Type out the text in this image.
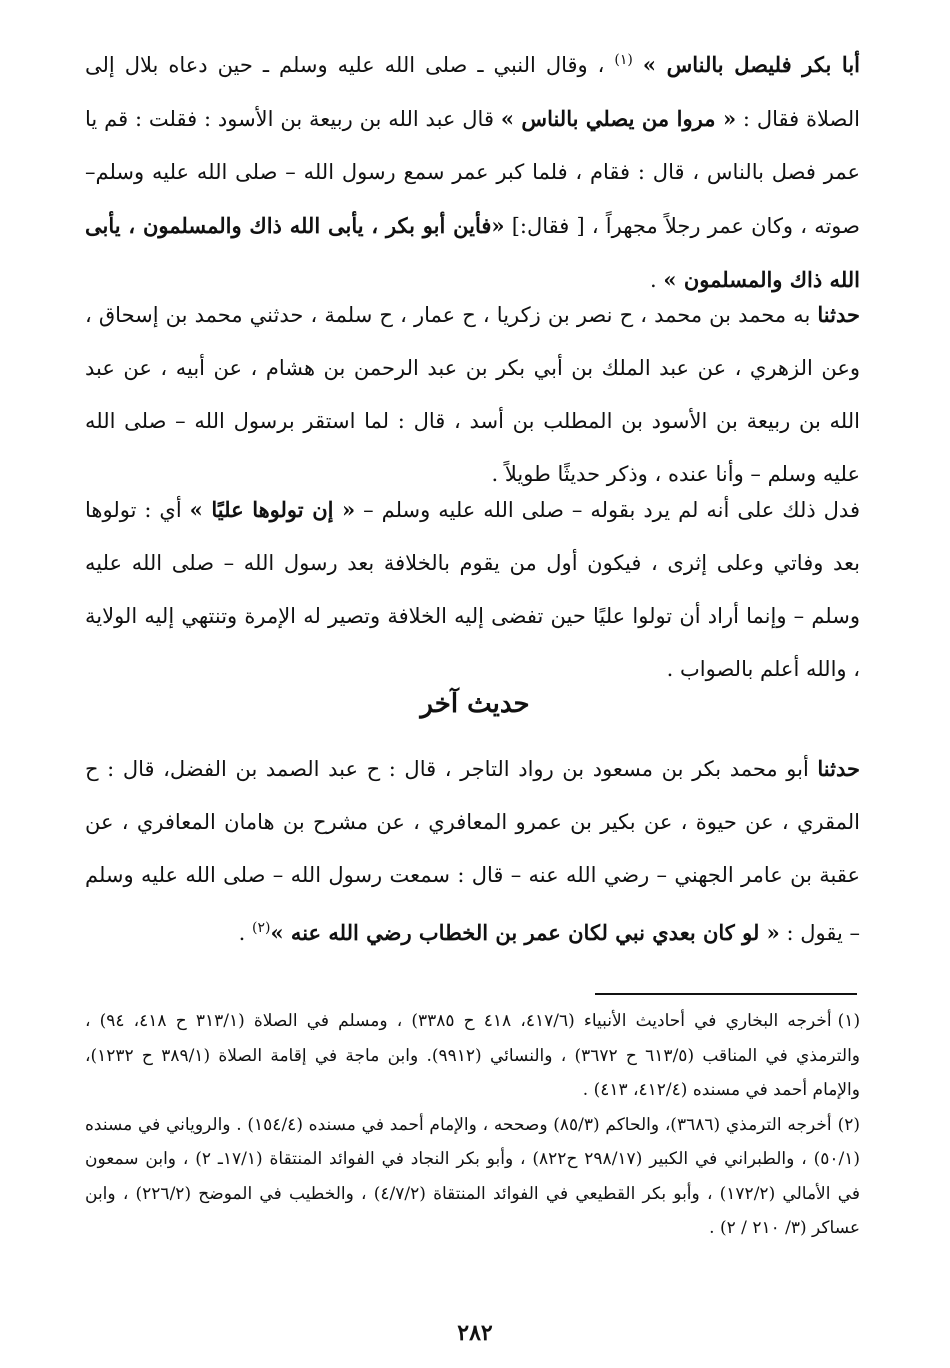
أبا بكر فليصل بالناس » $^{(١)}$ ، وقال النبي ـ صلى الله عليه وسلم ـ حين دعاه بلال إلى الصلاة فقال : « مروا من يصلي بالناس » قال عبد الله بن ربيعة بن الأسود : فقلت : قم يا عمر فصل بالناس ، قال : فقام ، فلما كبر عمر سمع رسول الله – صلى الله عليه وسلم– صوته ، وكان عمر رجلاً مجهراً ، [ فقال:] «فأين أبو بكر ، يأبى الله ذاك والمسلمون ، يأبى الله ذاك والمسلمون » .

حدثنا به محمد بن محمد ، ح نصر بن زكريا ، ح عمار ، ح سلمة ، حدثني محمد بن إسحاق ، وعن الزهري ، عن عبد الملك بن أبي بكر بن عبد الرحمن بن هشام ، عن أبيه ، عن عبد الله بن ربيعة بن الأسود بن المطلب بن أسد ، قال : لما استقر برسول الله – صلى الله عليه وسلم – وأنا عنده ، وذكر حديثًا طويلاً .

فدل ذلك على أنه لم يرد بقوله – صلى الله عليه وسلم – « إن تولوها عليًا » أي : تولوها بعد وفاتي وعلى إثرى ، فيكون أول من يقوم بالخلافة بعد رسول الله – صلى الله عليه وسلم – وإنما أراد أن تولوا عليًا حين تفضى إليه الخلافة وتصير له الإمرة وتنتهي إليه الولاية ، والله أعلم بالصواب .

حديث آخر

حدثنا أبو محمد بكر بن مسعود بن رواد التاجر ، قال : ح عبد الصمد بن الفضل، قال : ح المقري ، عن حيوة ، عن بكير بن عمرو المعافري ، عن مشرح بن هامان المعافري ، عن عقبة بن عامر الجهني – رضي الله عنه – قال : سمعت رسول الله – صلى الله عليه وسلم – يقول : « لو كان بعدي نبي لكان عمر بن الخطاب رضي الله عنه »$^{(٢)}$ .

(١)أخرجه البخاري في أحاديث الأنبياء (٤١٧/٦، ٤١٨ ح ٣٣٨٥) ، ومسلم في الصلاة (٣١٣/١ ح ٤١٨، ٩٤) ، والترمذي في المناقب (٦١٣/٥ ح ٣٦٧٢) ، والنسائي (٩٩١٢). وابن ماجة في إقامة الصلاة (٣٨٩/١ ح ١٢٣٢)، والإمام أحمد في مسنده (٤١٢/٤، ٤١٣) .
(٢)أخرجه الترمذي (٣٦٨٦)، والحاكم (٨٥/٣) وصححه ، والإمام أحمد في مسنده (١٥٤/٤) . والروياني في مسنده (٥٠/١) ، والطبراني في الكبير (٢٩٨/١٧ ح٨٢٢) ، وأبو بكر النجاد في الفوائد المنتقاة (١٧/١ـ ٢) ، وابن سمعون في الأمالي (١٧٢/٢) ، وأبو بكر القطيعي في الفوائد المنتقاة (٤/٧/٢) ، والخطيب في الموضح (٢٢٦/٢) ، وابن عساكر (٣/ ٢١٠ / ٢) .
٢٨٢
